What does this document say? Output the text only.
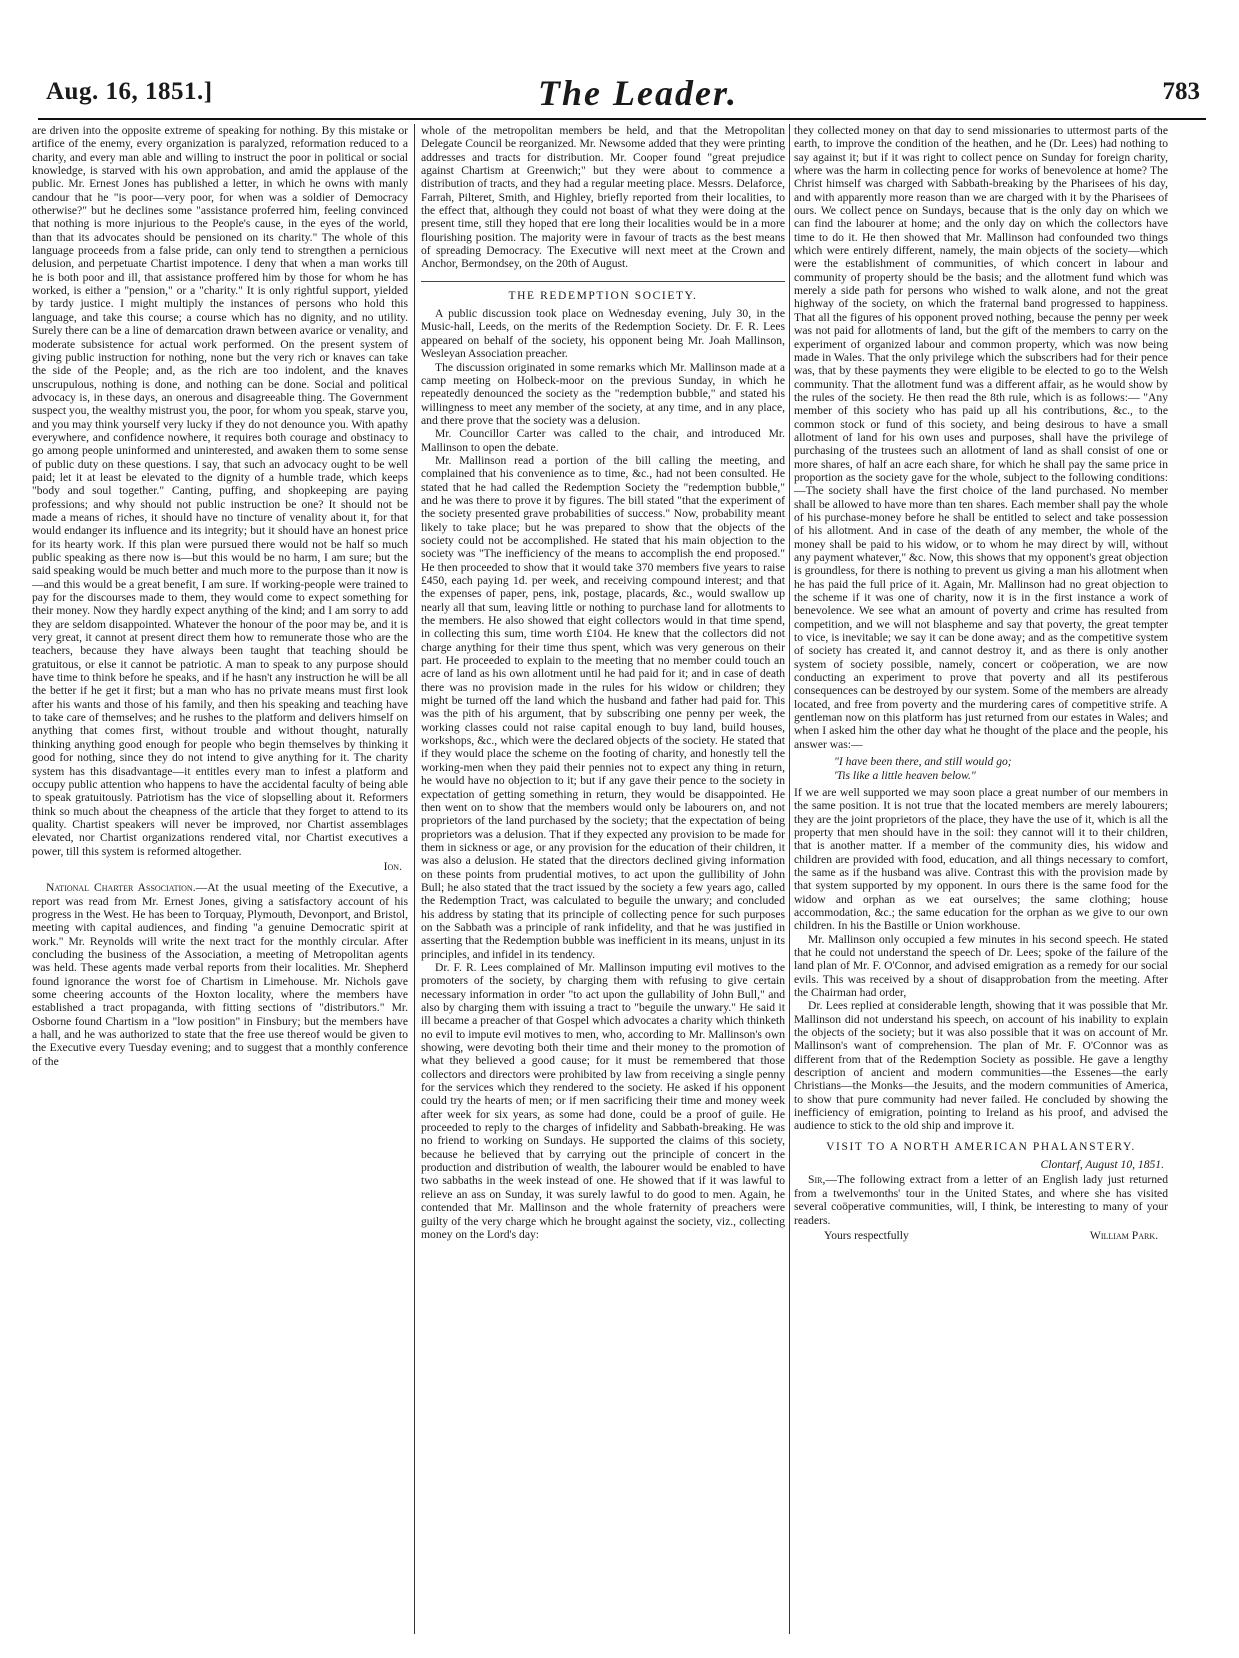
Aug. 16, 1851.]	The Leader.	783

are driven into the opposite extreme of speaking for nothing. By this mistake or artifice of the enemy, every organization is paralyzed, reformation reduced to a charity, and every man able and willing to instruct the poor in political or social knowledge, is starved with his own approbation, and amid the applause of the public. Mr. Ernest Jones has published a letter, in which he owns with manly candour that he "is poor—very poor, for when was a soldier of Democracy otherwise?" but he declines some "assistance proferred him, feeling convinced that nothing is more injurious to the People's cause, in the eyes of the world, than that its advocates should be pensioned on its charity." The whole of this language proceeds from a false pride, can only tend to strengthen a pernicious delusion, and perpetuate Chartist impotence. I deny that when a man works till he is both poor and ill, that assistance proffered him by those for whom he has worked, is either a "pension," or a "charity." It is only rightful support, yielded by tardy justice. I might multiply the instances of persons who hold this language, and take this course; a course which has no dignity, and no utility. Surely there can be a line of demarcation drawn between avarice or venality, and moderate subsistence for actual work performed. On the present system of giving public instruction for nothing, none but the very rich or knaves can take the side of the People; and, as the rich are too indolent, and the knaves unscrupulous, nothing is done, and nothing can be done. Social and political advocacy is, in these days, an onerous and disagreeable thing. The Government suspect you, the wealthy mistrust you, the poor, for whom you speak, starve you, and you may think yourself very lucky if they do not denounce you. With apathy everywhere, and confidence nowhere, it requires both courage and obstinacy to go among people uninformed and uninterested, and awaken them to some sense of public duty on these questions. I say, that such an advocacy ought to be well paid; let it at least be elevated to the dignity of a humble trade, which keeps "body and soul together." Canting, puffing, and shopkeeping are paying professions; and why should not public instruction be one? It should not be made a means of riches, it should have no tincture of venality about it, for that would endanger its influence and its integrity; but it should have an honest price for its hearty work. If this plan were pursued there would not be half so much public speaking as there now is—but this would be no harm, I am sure; but the said speaking would be much better and much more to the purpose than it now is—and this would be a great benefit, I am sure. If working-people were trained to pay for the discourses made to them, they would come to expect something for their money. Now they hardly expect anything of the kind; and I am sorry to add they are seldom disappointed. Whatever the honour of the poor may be, and it is very great, it cannot at present direct them how to remunerate those who are the teachers, because they have always been taught that teaching should be gratuitous, or else it cannot be patriotic. A man to speak to any purpose should have time to think before he speaks, and if he hasn't any instruction he will be all the better if he get it first; but a man who has no private means must first look after his wants and those of his family, and then his speaking and teaching have to take care of themselves; and he rushes to the platform and delivers himself on anything that comes first, without trouble and without thought, naturally thinking anything good enough for people who begin themselves by thinking it good for nothing, since they do not intend to give anything for it. The charity system has this disadvantage—it entitles every man to infest a platform and occupy public attention who happens to have the accidental faculty of being able to speak gratuitously. Patriotism has the vice of slopselling about it. Reformers think so much about the cheapness of the article that they forget to attend to its quality. Chartist speakers will never be improved, nor Chartist assemblages elevated, nor Chartist organizations rendered vital, nor Chartist executives a power, till this system is reformed altogether.

Ion.

National Charter Association.—At the usual meeting of the Executive, a report was read from Mr. Ernest Jones, giving a satisfactory account of his progress in the West. He has been to Torquay, Plymouth, Devonport, and Bristol, meeting with capital audiences, and finding "a genuine Democratic spirit at work." Mr. Reynolds will write the next tract for the monthly circular. After concluding the business of the Association, a meeting of Metropolitan agents was held. These agents made verbal reports from their localities. Mr. Shepherd found ignorance the worst foe of Chartism in Limehouse. Mr. Nichols gave some cheering accounts of the Hoxton locality, where the members have established a tract propaganda, with fitting sections of "distributors." Mr. Osborne found Chartism in a "low position" in Finsbury; but the members have a hall, and he was authorized to state that the free use thereof would be given to the Executive every Tuesday evening; and to suggest that a monthly conference of the

whole of the metropolitan members be held, and that the Metropolitan Delegate Council be reorganized. Mr. Newsome added that they were printing addresses and tracts for distribution. Mr. Cooper found "great prejudice against Chartism at Greenwich;" but they were about to commence a distribution of tracts, and they had a regular meeting place. Messrs. Delaforce, Farrah, Pilteret, Smith, and Highley, briefly reported from their localities, to the effect that, although they could not boast of what they were doing at the present time, still they hoped that ere long their localities would be in a more flourishing position. The majority were in favour of tracts as the best means of spreading Democracy. The Executive will next meet at the Crown and Anchor, Bermondsey, on the 20th of August.

THE REDEMPTION SOCIETY.

A public discussion took place on Wednesday evening, July 30, in the Music-hall, Leeds, on the merits of the Redemption Society. Dr. F. R. Lees appeared on behalf of the society, his opponent being Mr. Joah Mallinson, Wesleyan Association preacher.

The discussion originated in some remarks which Mr. Mallinson made at a camp meeting on Holbeck-moor on the previous Sunday, in which he repeatedly denounced the society as the "redemption bubble," and stated his willingness to meet any member of the society, at any time, and in any place, and there prove that the society was a delusion.

Mr. Councillor Carter was called to the chair, and introduced Mr. Mallinson to open the debate.

Mr. Mallinson read a portion of the bill calling the meeting, and complained that his convenience as to time, &c., had not been consulted. He stated that he had called the Redemption Society the "redemption bubble," and he was there to prove it by figures. The bill stated "that the experiment of the society presented grave probabilities of success." Now, probability meant likely to take place; but he was prepared to show that the objects of the society could not be accomplished. He stated that his main objection to the society was "The inefficiency of the means to accomplish the end proposed." He then proceeded to show that it would take 370 members five years to raise £450, each paying 1d. per week, and receiving compound interest; and that the expenses of paper, pens, ink, postage, placards, &c., would swallow up nearly all that sum, leaving little or nothing to purchase land for allotments to the members. He also showed that eight collectors would in that time spend, in collecting this sum, time worth £104. He knew that the collectors did not charge anything for their time thus spent, which was very generous on their part. He proceeded to explain to the meeting that no member could touch an acre of land as his own allotment until he had paid for it; and in case of death there was no provision made in the rules for his widow or children; they might be turned off the land which the husband and father had paid for. This was the pith of his argument, that by subscribing one penny per week, the working classes could not raise capital enough to buy land, build houses, workshops, &c., which were the declared objects of the society. He stated that if they would place the scheme on the footing of charity, and honestly tell the working-men when they paid their pennies not to expect any thing in return, he would have no objection to it; but if any gave their pence to the society in expectation of getting something in return, they would be disappointed. He then went on to show that the members would only be labourers on, and not proprietors of the land purchased by the society; that the expectation of being proprietors was a delusion. That if they expected any provision to be made for them in sickness or age, or any provision for the education of their children, it was also a delusion. He stated that the directors declined giving information on these points from prudential motives, to act upon the gullibility of John Bull; he also stated that the tract issued by the society a few years ago, called the Redemption Tract, was calculated to beguile the unwary; and concluded his address by stating that its principle of collecting pence for such purposes on the Sabbath was a principle of rank infidelity, and that he was justified in asserting that the Redemption bubble was inefficient in its means, unjust in its principles, and infidel in its tendency.

Dr. F. R. Lees complained of Mr. Mallinson imputing evil motives to the promoters of the society, by charging them with refusing to give certain necessary information in order "to act upon the gullability of John Bull," and also by charging them with issuing a tract to "beguile the unwary." He said it ill became a preacher of that Gospel which advocates a charity which thinketh no evil to impute evil motives to men, who, according to Mr. Mallinson's own showing, were devoting both their time and their money to the promotion of what they believed a good cause; for it must be remembered that those collectors and directors were prohibited by law from receiving a single penny for the services which they rendered to the society. He asked if his opponent could try the hearts of men; or if men sacrificing their time and money week after week for six years, as some had done, could be a proof of guile. He proceeded to reply to the charges of infidelity and Sabbath-breaking. He was no friend to working on Sundays. He supported the claims of this society, because he believed that by carrying out the principle of concert in the production and distribution of wealth, the labourer would be enabled to have two sabbaths in the week instead of one. He showed that if it was lawful to relieve an ass on Sunday, it was surely lawful to do good to men. Again, he contended that Mr. Mallinson and the whole fraternity of preachers were guilty of the very charge which he brought against the society, viz., collecting money on the Lord's day:

they collected money on that day to send missionaries to uttermost parts of the earth, to improve the condition of the heathen, and he (Dr. Lees) had nothing to say against it; but if it was right to collect pence on Sunday for foreign charity, where was the harm in collecting pence for works of benevolence at home? The Christ himself was charged with Sabbath-breaking by the Pharisees of his day, and with apparently more reason than we are charged with it by the Pharisees of ours. We collect pence on Sundays, because that is the only day on which we can find the labourer at home; and the only day on which the collectors have time to do it. He then showed that Mr. Mallinson had confounded two things which were entirely different, namely, the main objects of the society—which were the establishment of communities, of which concert in labour and community of property should be the basis; and the allotment fund which was merely a side path for persons who wished to walk alone, and not the great highway of the society, on which the fraternal band progressed to happiness. That all the figures of his opponent proved nothing, because the penny per week was not paid for allotments of land, but the gift of the members to carry on the experiment of organized labour and common property, which was now being made in Wales. That the only privilege which the subscribers had for their pence was, that by these payments they were eligible to be elected to go to the Welsh community. That the allotment fund was a different affair, as he would show by the rules of the society. He then read the 8th rule, which is as follows:— "Any member of this society who has paid up all his contributions, &c., to the common stock or fund of this society, and being desirous to have a small allotment of land for his own uses and purposes, shall have the privilege of purchasing of the trustees such an allotment of land as shall consist of one or more shares, of half an acre each share, for which he shall pay the same price in proportion as the society gave for the whole, subject to the following conditions:—The society shall have the first choice of the land purchased. No member shall be allowed to have more than ten shares. Each member shall pay the whole of his purchase-money before he shall be entitled to select and take possession of his allotment. And in case of the death of any member, the whole of the money shall be paid to his widow, or to whom he may direct by will, without any payment whatever," &c. Now, this shows that my opponent's great objection is groundless, for there is nothing to prevent us giving a man his allotment when he has paid the full price of it. Again, Mr. Mallinson had no great objection to the scheme if it was one of charity, now it is in the first instance a work of benevolence. We see what an amount of poverty and crime has resulted from competition, and we will not blaspheme and say that poverty, the great tempter to vice, is inevitable; we say it can be done away; and as the competitive system of society has created it, and cannot destroy it, and as there is only another system of society possible, namely, concert or coöperation, we are now conducting an experiment to prove that poverty and all its pestiferous consequences can be destroyed by our system. Some of the members are already located, and free from poverty and the murdering cares of competitive strife. A gentleman now on this platform has just returned from our estates in Wales; and when I asked him the other day what he thought of the place and the people, his answer was:—

"I have been there, and still would go;
'Tis like a little heaven below."

If we are well supported we may soon place a great number of our members in the same position. It is not true that the located members are merely labourers; they are the joint proprietors of the place, they have the use of it, which is all the property that men should have in the soil: they cannot will it to their children, that is another matter. If a member of the community dies, his widow and children are provided with food, education, and all things necessary to comfort, the same as if the husband was alive. Contrast this with the provision made by that system supported by my opponent. In ours there is the same food for the widow and orphan as we eat ourselves; the same clothing; house accommodation, &c.; the same education for the orphan as we give to our own children. In his the Bastille or Union workhouse.

Mr. Mallinson only occupied a few minutes in his second speech. He stated that he could not understand the speech of Dr. Lees; spoke of the failure of the land plan of Mr. F. O'Connor, and advised emigration as a remedy for our social evils. This was received by a shout of disapprobation from the meeting. After the Chairman had order,

Dr. Lees replied at considerable length, showing that it was possible that Mr. Mallinson did not understand his speech, on account of his inability to explain the objects of the society; but it was also possible that it was on account of Mr. Mallinson's want of comprehension. The plan of Mr. F. O'Connor was as different from that of the Redemption Society as possible. He gave a lengthy description of ancient and modern communities—the Essenes—the early Christians—the Monks—the Jesuits, and the modern communities of America, to show that pure community had never failed. He concluded by showing the inefficiency of emigration, pointing to Ireland as his proof, and advised the audience to stick to the old ship and improve it.

VISIT TO A NORTH AMERICAN PHALANSTERY.
Clontarf, August 10, 1851.

Sir,—The following extract from a letter of an English lady just returned from a twelvemonths' tour in the United States, and where she has visited several coöperative communities, will, I think, be interesting to many of your readers.

Yours respectfully	William Park.
